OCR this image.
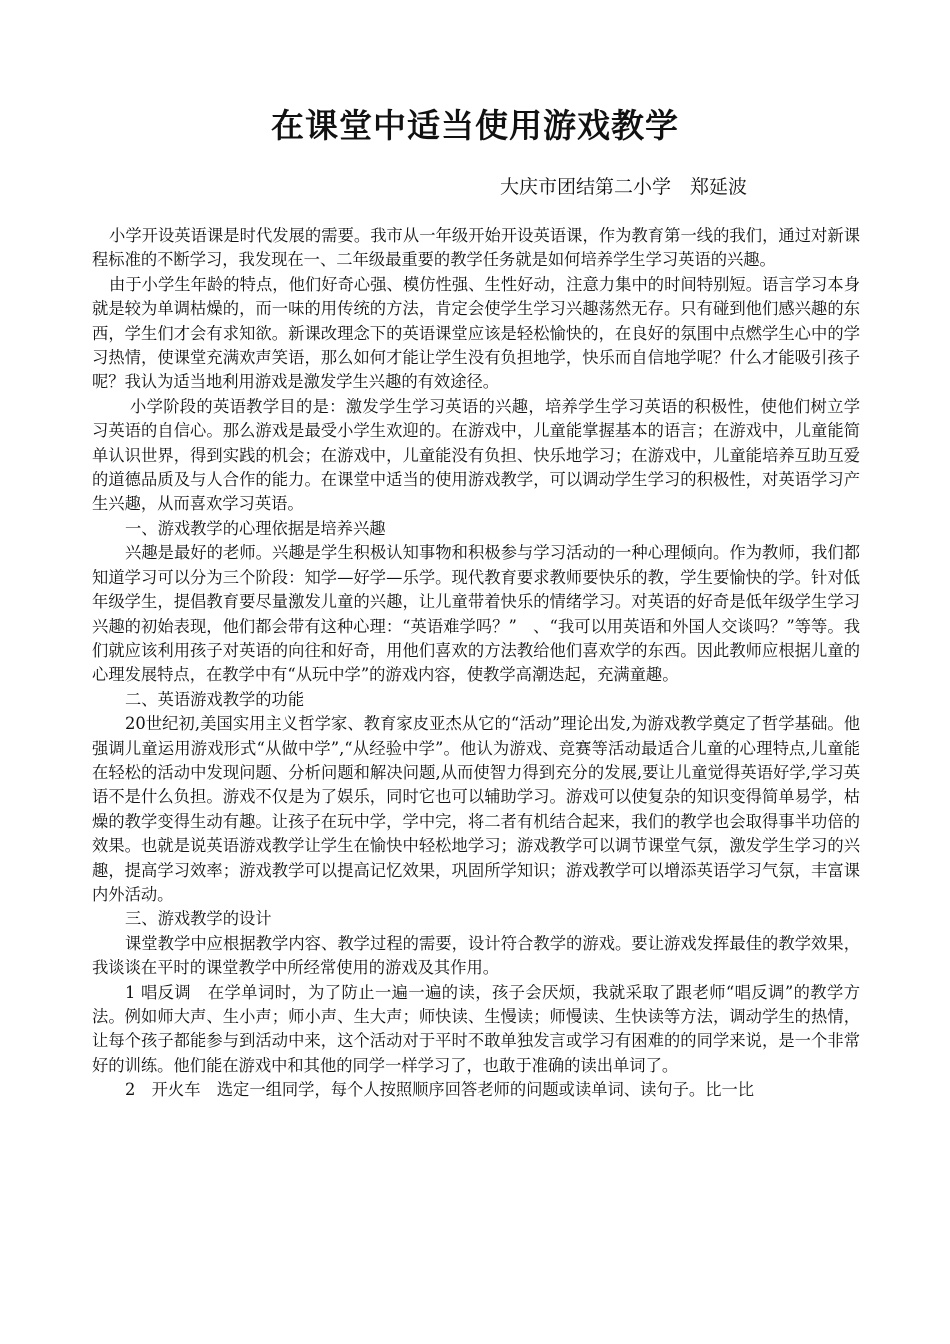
在课堂中适当使用游戏教学

大庆市团结第二小学　郑延波

小学开设英语课是时代发展的需要。我市从一年级开始开设英语课，作为教育第一线的我们，通过对新课程标准的不断学习，我发现在一、二年级最重要的教学任务就是如何培养学生学习英语的兴趣。

由于小学生年龄的特点，他们好奇心强、模仿性强、生性好动，注意力集中的时间特别短。语言学习本身就是较为单调枯燥的，而一味的用传统的方法，肯定会使学生学习兴趣荡然无存。只有碰到他们感兴趣的东西，学生们才会有求知欲。新课改理念下的英语课堂应该是轻松愉快的，在良好的氛围中点燃学生心中的学习热情，使课堂充满欢声笑语，那么如何才能让学生没有负担地学，快乐而自信地学呢？什么才能吸引孩子呢？我认为适当地利用游戏是激发学生兴趣的有效途径。

小学阶段的英语教学目的是：激发学生学习英语的兴趣，培养学生学习英语的积极性，使他们树立学习英语的自信心。那么游戏是最受小学生欢迎的。在游戏中，儿童能掌握基本的语言；在游戏中，儿童能简单认识世界，得到实践的机会；在游戏中，儿童能没有负担、快乐地学习；在游戏中，儿童能培养互助互爱的道德品质及与人合作的能力。在课堂中适当的使用游戏教学，可以调动学生学习的积极性，对英语学习产生兴趣，从而喜欢学习英语。

一、游戏教学的心理依据是培养兴趣

兴趣是最好的老师。兴趣是学生积极认知事物和积极参与学习活动的一种心理倾向。作为教师，我们都知道学习可以分为三个阶段：知学—好学—乐学。现代教育要求教师要快乐的教，学生要愉快的学。针对低年级学生，提倡教育要尽量激发儿童的兴趣，让儿童带着快乐的情绪学习。对英语的好奇是低年级学生学习兴趣的初始表现，他们都会带有这种心理：“英语难学吗？”　、“我可以用英语和外国人交谈吗？”等等。我们就应该利用孩子对英语的向往和好奇，用他们喜欢的方法教给他们喜欢学的东西。因此教师应根据儿童的心理发展特点，在教学中有“从玩中学”的游戏内容，使教学高潮迭起，充满童趣。

二、英语游戏教学的功能

20世纪初,美国实用主义哲学家、教育家皮亚杰从它的“活动”理论出发,为游戏教学奠定了哲学基础。他强调儿童运用游戏形式“从做中学”,“从经验中学”。他认为游戏、竞赛等活动最适合儿童的心理特点,儿童能在轻松的活动中发现问题、分析问题和解决问题,从而使智力得到充分的发展,要让儿童觉得英语好学,学习英语不是什么负担。游戏不仅是为了娱乐，同时它也可以辅助学习。游戏可以使复杂的知识变得简单易学，枯燥的教学变得生动有趣。让孩子在玩中学，学中完，将二者有机结合起来，我们的教学也会取得事半功倍的效果。也就是说英语游戏教学让学生在愉快中轻松地学习；游戏教学可以调节课堂气氛，激发学生学习的兴趣，提高学习效率；游戏教学可以提高记忆效果，巩固所学知识；游戏教学可以增添英语学习气氛，丰富课内外活动。

三、游戏教学的设计

课堂教学中应根据教学内容、教学过程的需要，设计符合教学的游戏。要让游戏发挥最佳的教学效果，我谈谈在平时的课堂教学中所经常使用的游戏及其作用。

1 唱反调　在学单词时，为了防止一遍一遍的读，孩子会厌烦，我就采取了跟老师“唱反调”的教学方法。例如师大声、生小声；师小声、生大声；师快读、生慢读；师慢读、生快读等方法，调动学生的热情，让每个孩子都能参与到活动中来，这个活动对于平时不敢单独发言或学习有困难的的同学来说，是一个非常好的训练。他们能在游戏中和其他的同学一样学习了，也敢于准确的读出单词了。

2　开火车　选定一组同学，每个人按照顺序回答老师的问题或读单词、读句子。比一比
